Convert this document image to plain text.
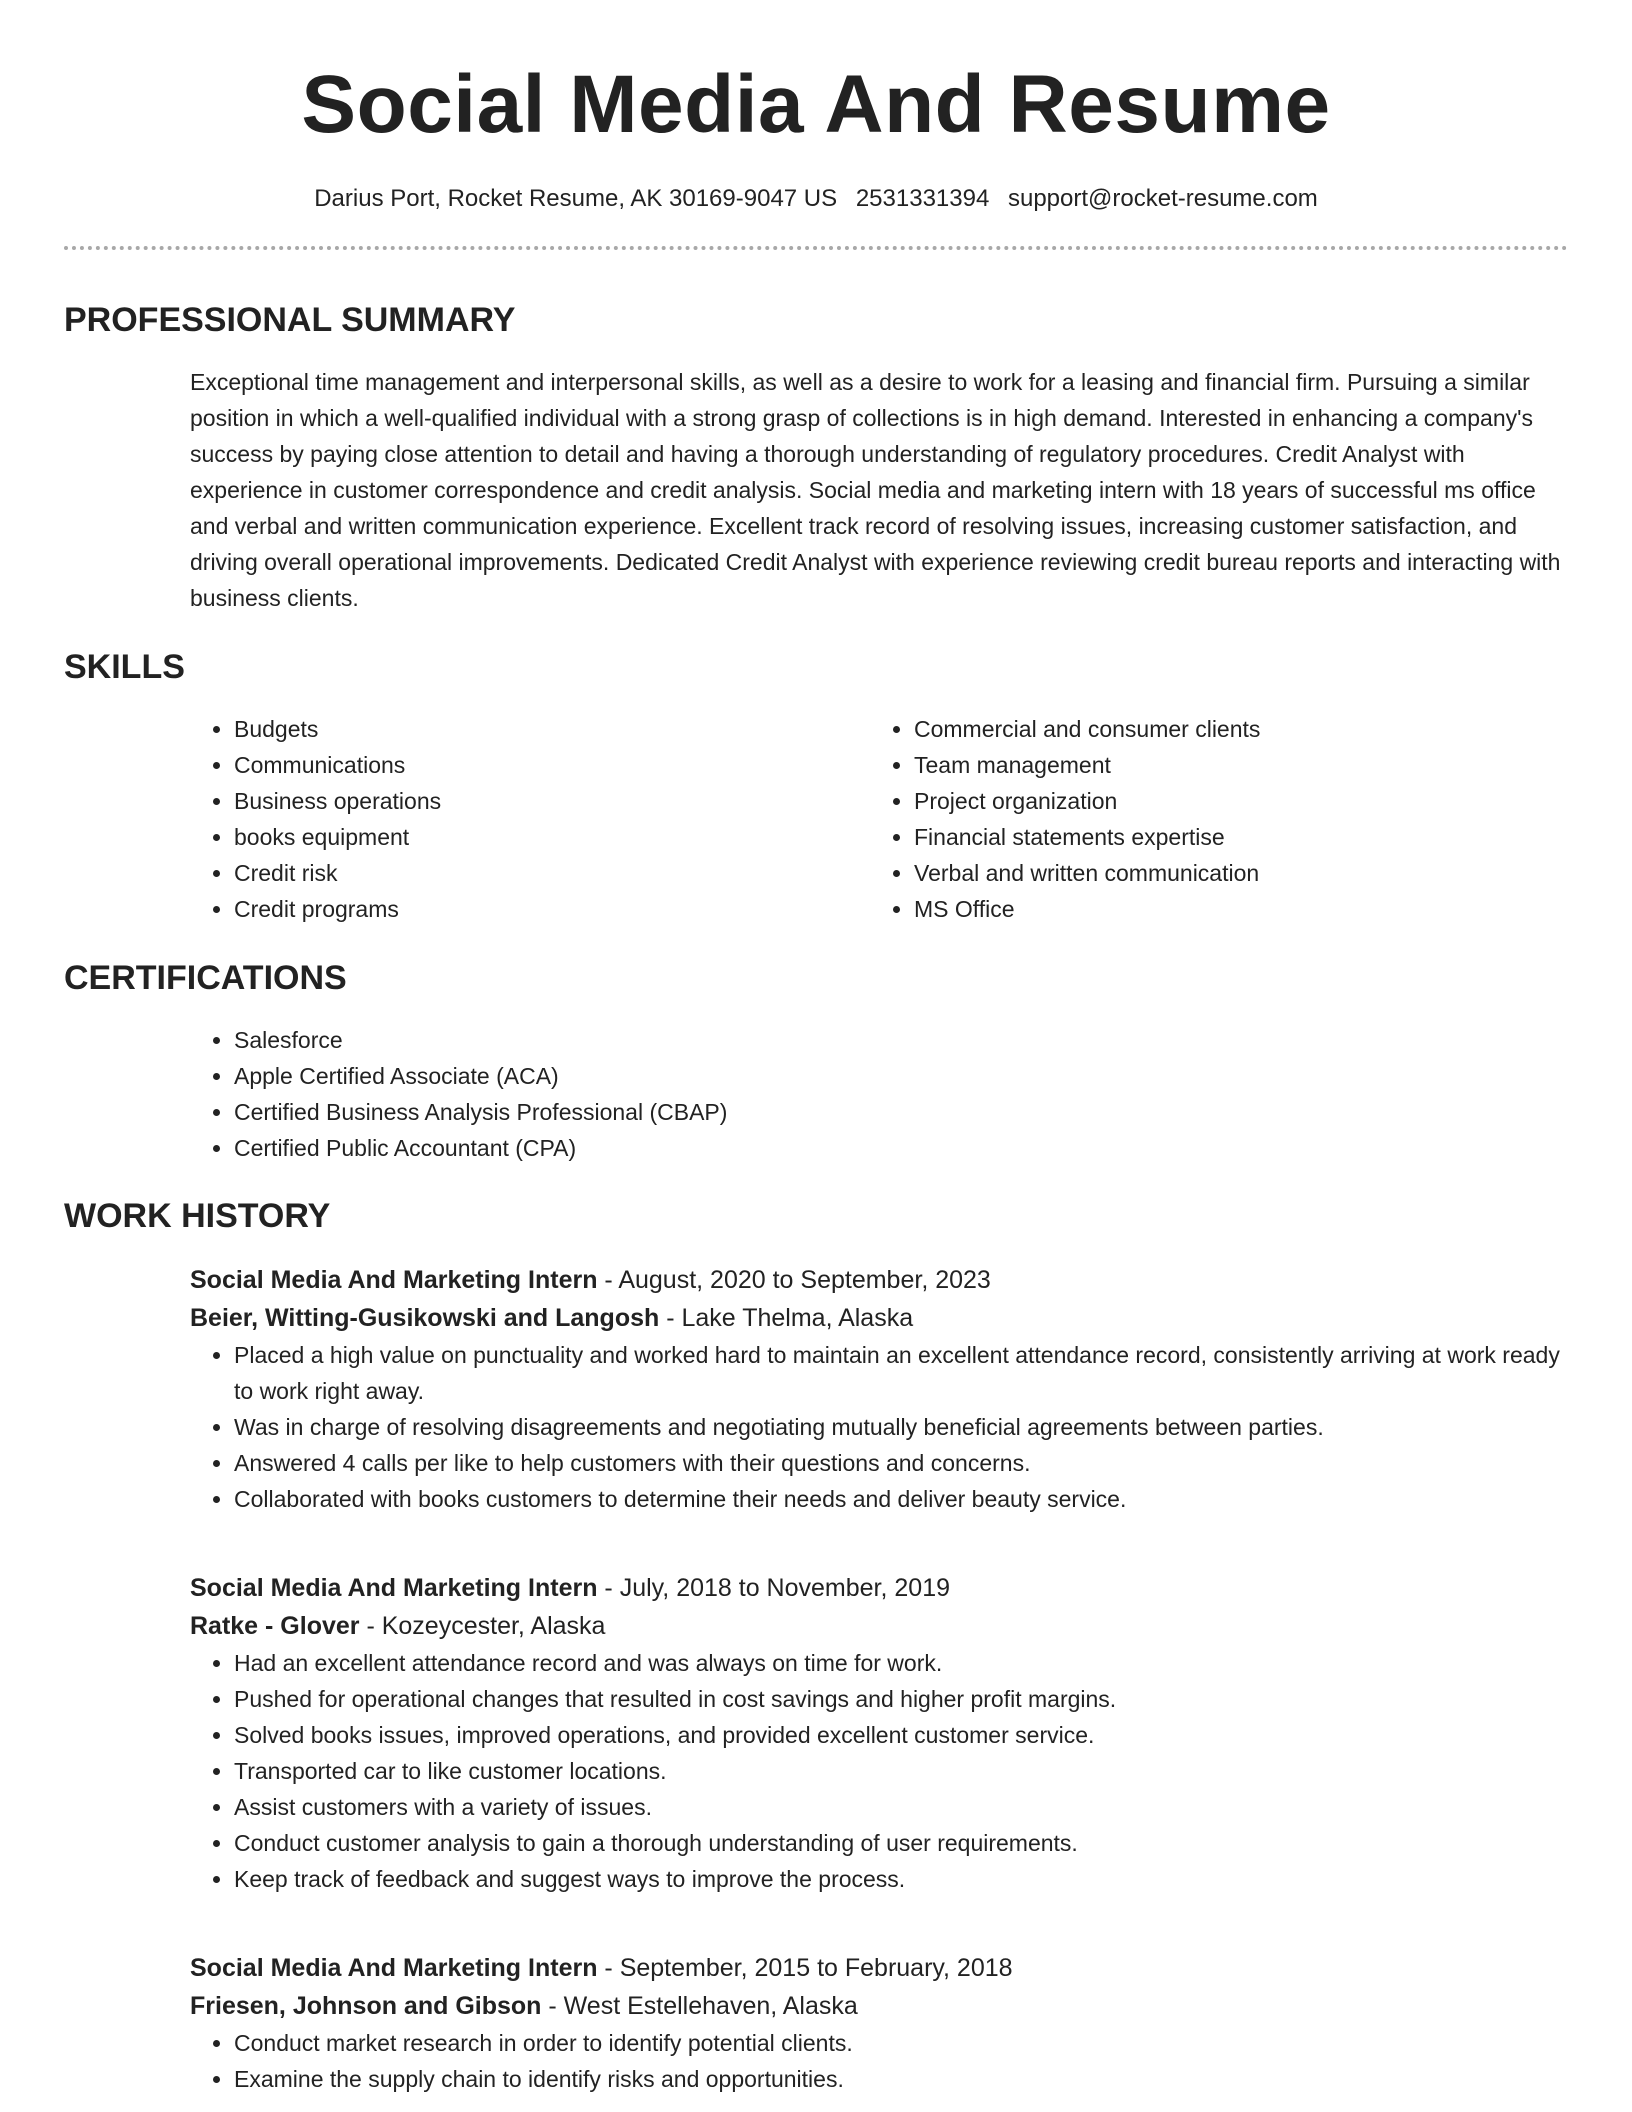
Social Media And Resume
Darius Port, Rocket Resume, AK 30169-9047 US 2531331394 support@rocket-resume.com
PROFESSIONAL SUMMARY

Exceptional time management and interpersonal skills, as well as a desire to work for a leasing and financial firm. Pursuing a similar position in which a well-qualified individual with a strong grasp of collections is in high demand. Interested in enhancing a company's success by paying close attention to detail and having a thorough understanding of regulatory procedures. Credit Analyst with experience in customer correspondence and credit analysis. Social media and marketing intern with 18 years of successful ms office and verbal and written communication experience. Excellent track record of resolving issues, increasing customer satisfaction, and driving overall operational improvements. Dedicated Credit Analyst with experience reviewing credit bureau reports and interacting with business clients.

SKILLS
• Budgets
• Communications
• Business operations
• books equipment
• Credit risk
• Credit programs
• Commercial and consumer clients
• Team management
• Project organization
• Financial statements expertise
• Verbal and written communication
• MS Office
CERTIFICATIONS
• Salesforce
• Apple Certified Associate (ACA)
• Certified Business Analysis Professional (CBAP)
• Certified Public Accountant (CPA)
WORK HISTORY
Social Media And Marketing Intern - August, 2020 to September, 2023
Beier, Witting-Gusikowski and Langosh - Lake Thelma, Alaska
• Placed a high value on punctuality and worked hard to maintain an excellent attendance record, consistently arriving at work ready to work right away.
• Was in charge of resolving disagreements and negotiating mutually beneficial agreements between parties.
• Answered 4 calls per like to help customers with their questions and concerns.
• Collaborated with books customers to determine their needs and deliver beauty service.
Social Media And Marketing Intern - July, 2018 to November, 2019
Ratke - Glover - Kozeycester, Alaska
• Had an excellent attendance record and was always on time for work.
• Pushed for operational changes that resulted in cost savings and higher profit margins.
• Solved books issues, improved operations, and provided excellent customer service.
• Transported car to like customer locations.
• Assist customers with a variety of issues.
• Conduct customer analysis to gain a thorough understanding of user requirements.
• Keep track of feedback and suggest ways to improve the process.
Social Media And Marketing Intern - September, 2015 to February, 2018
Friesen, Johnson and Gibson - West Estellehaven, Alaska
• Conduct market research in order to identify potential clients.
• Examine the supply chain to identify risks and opportunities.
